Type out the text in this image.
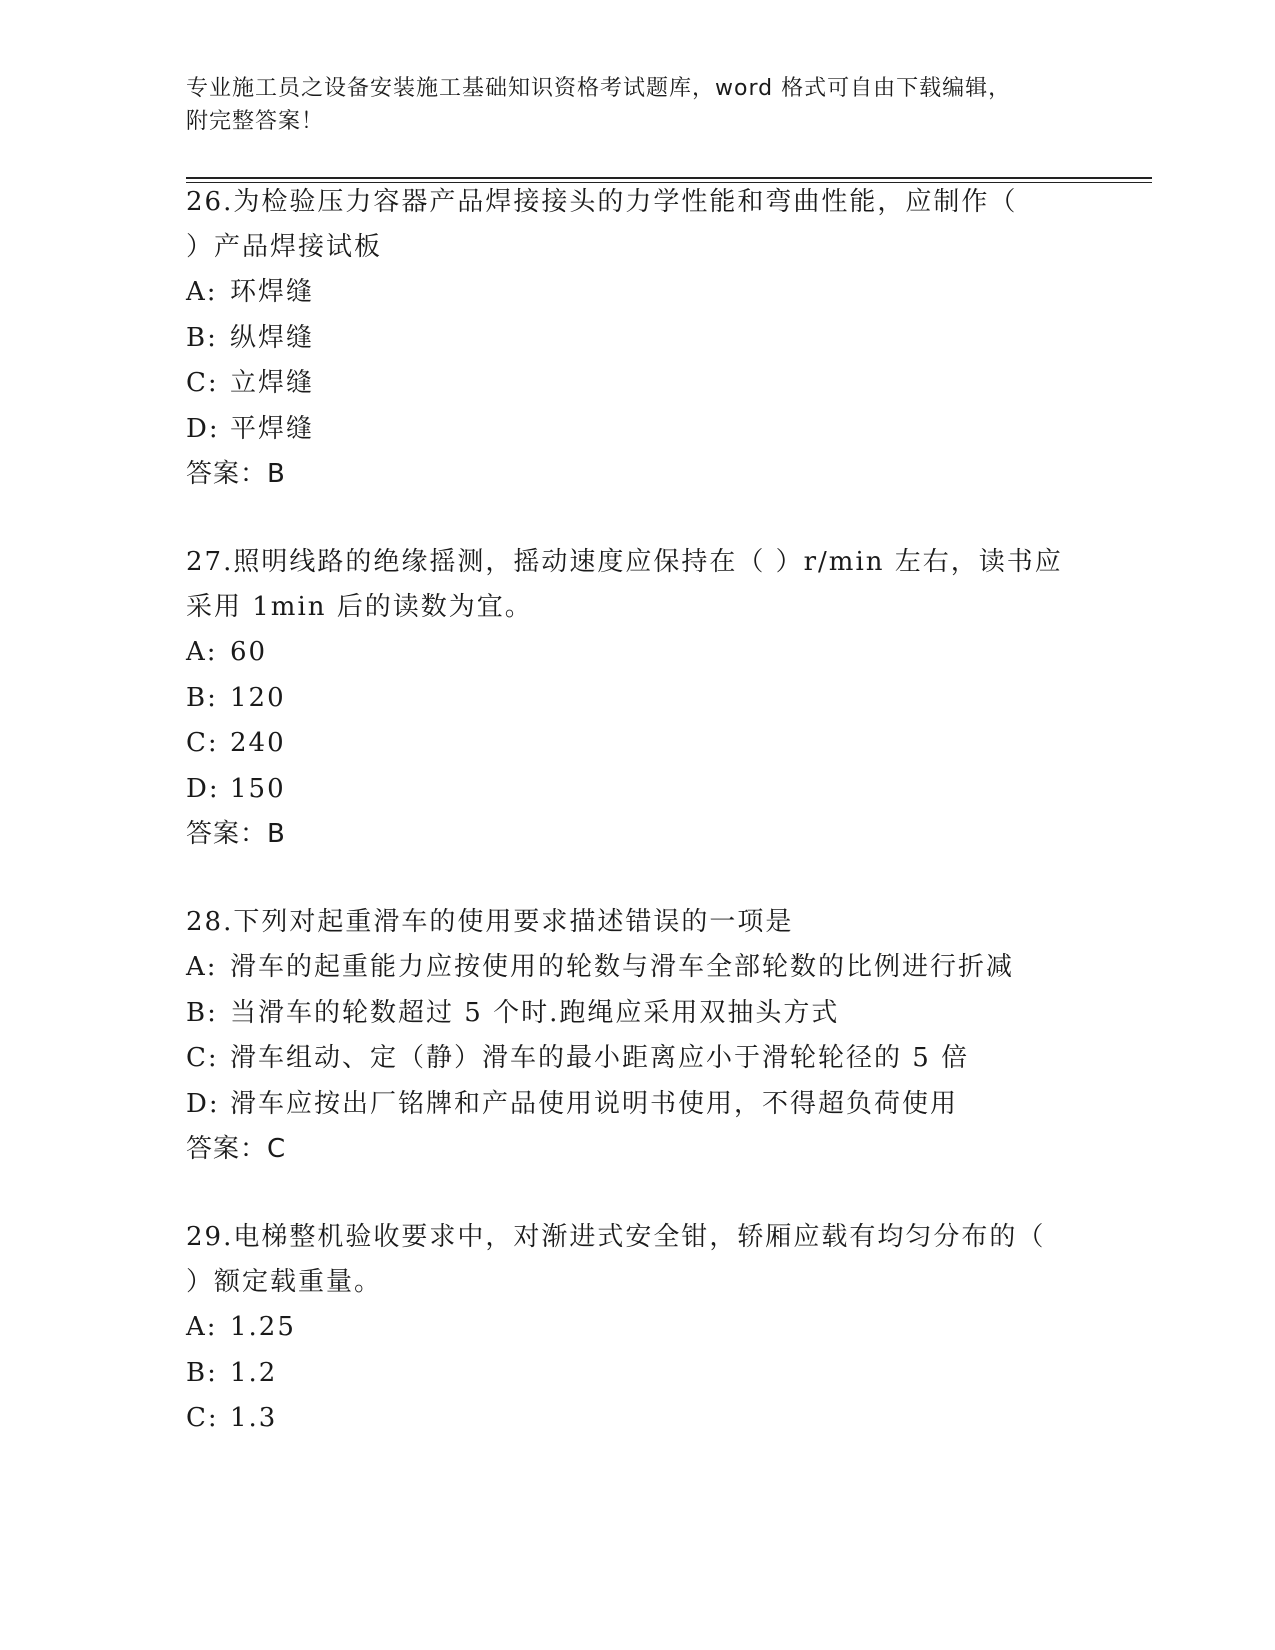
专业施工员之设备安装施工基础知识资格考试题库，word 格式可自由下载编辑，
附完整答案！
26.为检验压力容器产品焊接接头的力学性能和弯曲性能，应制作（
）产品焊接试板
A: 环焊缝
B: 纵焊缝
C: 立焊缝
D: 平焊缝
答案：B
27.照明线路的绝缘摇测，摇动速度应保持在（ ）r/min 左右，读书应
采用 1min 后的读数为宜。
A: 60
B: 120
C: 240
D: 150
答案：B
28.下列对起重滑车的使用要求描述错误的一项是
A: 滑车的起重能力应按使用的轮数与滑车全部轮数的比例进行折减
B: 当滑车的轮数超过 5 个时.跑绳应采用双抽头方式
C: 滑车组动、定（静）滑车的最小距离应小于滑轮轮径的 5 倍
D: 滑车应按出厂铭牌和产品使用说明书使用，不得超负荷使用
答案：C
29.电梯整机验收要求中，对渐进式安全钳，轿厢应载有均匀分布的（
）额定载重量。
A: 1.25
B: 1.2
C: 1.3
